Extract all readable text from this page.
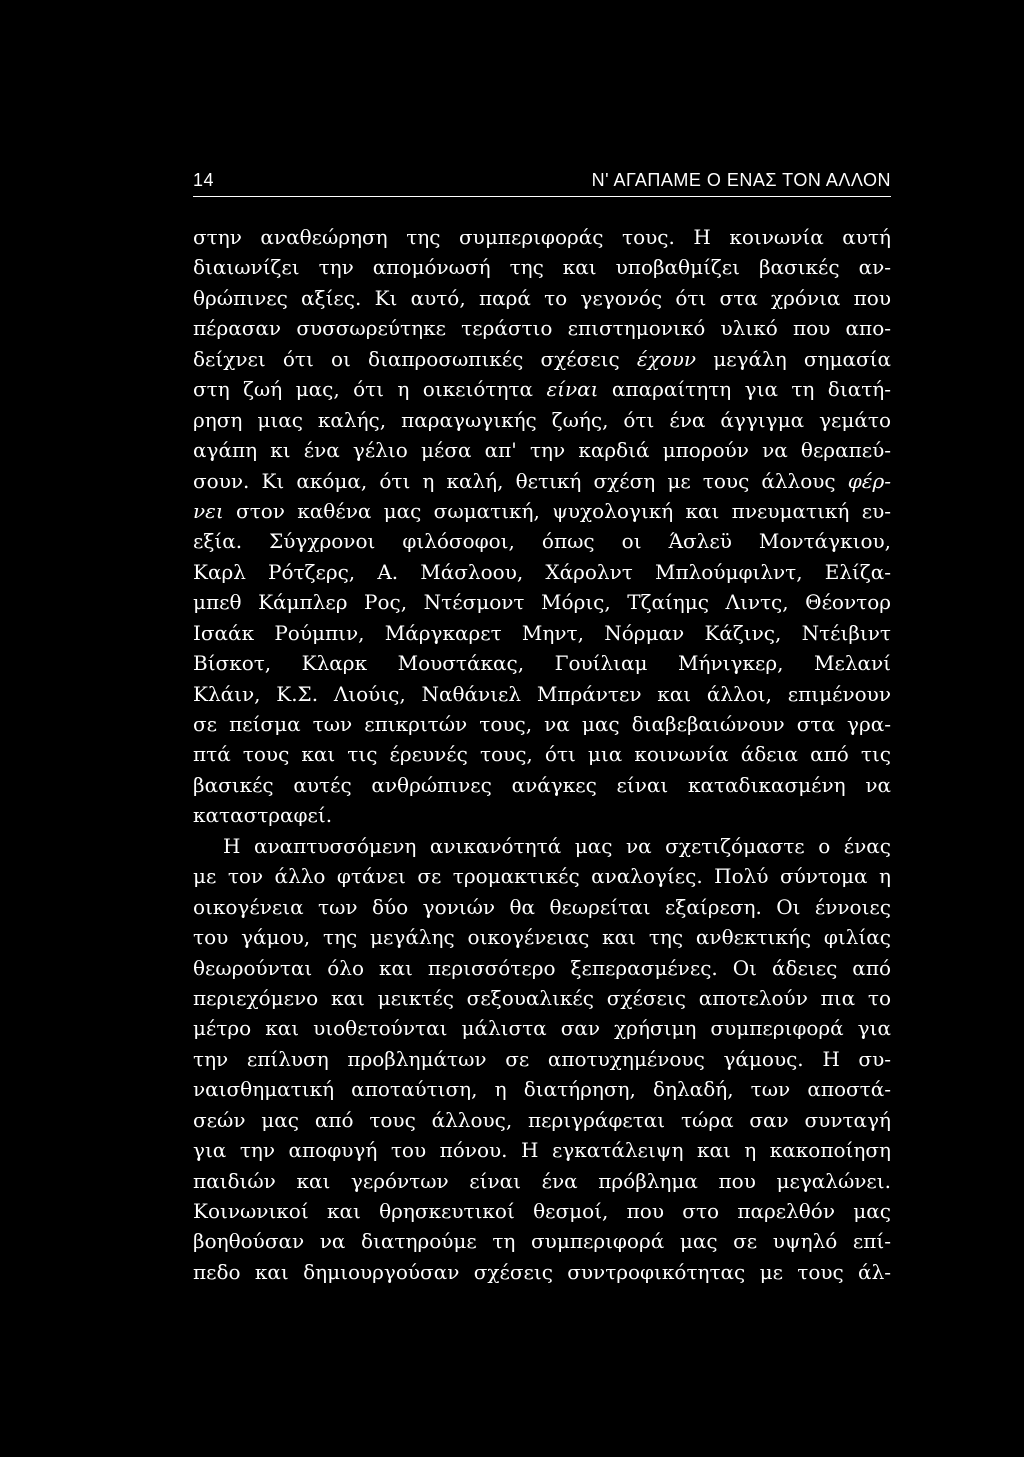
14	Ν' ΑΓΑΠΑΜΕ Ο ΕΝΑΣ ΤΟΝ ΑΛΛΟΝ
στην αναθεώρηση της συμπεριφοράς τους. Η κοινωνία αυτή
διαιωνίζει την απομόνωσή της και υποβαθμίζει βασικές αν-
θρώπινες αξίες. Κι αυτό, παρά το γεγονός ότι στα χρόνια που
πέρασαν συσσωρεύτηκε τεράστιο επιστημονικό υλικό που απο-
δείχνει ότι οι διαπροσωπικές σχέσεις έχουν μεγάλη σημασία
στη ζωή μας, ότι η οικειότητα είναι απαραίτητη για τη διατή-
ρηση μιας καλής, παραγωγικής ζωής, ότι ένα άγγιγμα γεμάτο
αγάπη κι ένα γέλιο μέσα απ' την καρδιά μπορούν να θεραπεύ-
σουν. Κι ακόμα, ότι η καλή, θετική σχέση με τους άλλους φέρ-
νει στον καθένα μας σωματική, ψυχολογική και πνευματική ευ-
εξία. Σύγχρονοι φιλόσοφοι, όπως οι Άσλεϋ Μοντάγκιου,
Καρλ Ρότζερς, Α. Μάσλοου, Χάρολντ Μπλούμφιλντ, Ελίζα-
μπεθ Κάμπλερ Ρος, Ντέσμοντ Μόρις, Τζαίημς Λιντς, Θέοντορ
Ισαάκ Ρούμπιν, Μάργκαρετ Μηντ, Νόρμαν Κάζινς, Ντέιβιντ
Βίσκοτ, Κλαρκ Μουστάκας, Γουίλιαμ Μήνιγκερ, Μελανί
Κλάιν, Κ.Σ. Λιούις, Ναθάνιελ Μπράντεν και άλλοι, επιμένουν
σε πείσμα των επικριτών τους, να μας διαβεβαιώνουν στα γρα-
πτά τους και τις έρευνές τους, ότι μια κοινωνία άδεια από τις
βασικές αυτές ανθρώπινες ανάγκες είναι καταδικασμένη να
καταστραφεί.
Η αναπτυσσόμενη ανικανότητά μας να σχετιζόμαστε ο ένας
με τον άλλο φτάνει σε τρομακτικές αναλογίες. Πολύ σύντομα η
οικογένεια των δύο γονιών θα θεωρείται εξαίρεση. Οι έννοιες
του γάμου, της μεγάλης οικογένειας και της ανθεκτικής φιλίας
θεωρούνται όλο και περισσότερο ξεπερασμένες. Οι άδειες από
περιεχόμενο και μεικτές σεξουαλικές σχέσεις αποτελούν πια το
μέτρο και υιοθετούνται μάλιστα σαν χρήσιμη συμπεριφορά για
την επίλυση προβλημάτων σε αποτυχημένους γάμους. Η συ-
ναισθηματική αποταύτιση, η διατήρηση, δηλαδή, των αποστά-
σεών μας από τους άλλους, περιγράφεται τώρα σαν συνταγή
για την αποφυγή του πόνου. Η εγκατάλειψη και η κακοποίηση
παιδιών και γερόντων είναι ένα πρόβλημα που μεγαλώνει.
Κοινωνικοί και θρησκευτικοί θεσμοί, που στο παρελθόν μας
βοηθούσαν να διατηρούμε τη συμπεριφορά μας σε υψηλό επί-
πεδο και δημιουργούσαν σχέσεις συντροφικότητας με τους άλ-
